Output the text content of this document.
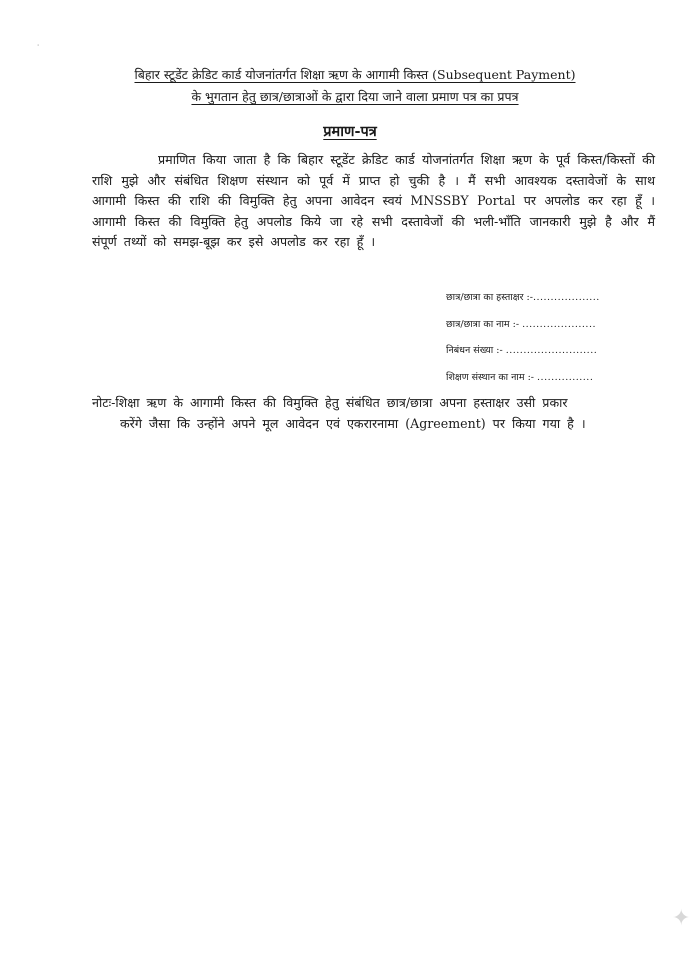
बिहार स्टूडेंट क्रेडिट कार्ड योजनांतर्गत शिक्षा ऋण के आगामी किस्त (Subsequent Payment)
के भुगतान हेतु छात्र/छात्राओं के द्वारा दिया जाने वाला प्रमाण पत्र का प्रपत्र
प्रमाण-पत्र
प्रमाणित किया जाता है कि बिहार स्टूडेंट क्रेडिट कार्ड योजनांतर्गत शिक्षा ऋण के पूर्व किस्त/किस्तों की राशि मुझे और संबंधित शिक्षण संस्थान को पूर्व में प्राप्त हो चुकी है । मैं सभी आवश्यक दस्तावेजों के साथ आगामी किस्त की राशि की विमुक्ति हेतु अपना आवेदन स्वयं MNSSBY Portal पर अपलोड कर रहा हूँ । आगामी किस्त की विमुक्ति हेतु अपलोड किये जा रहे सभी दस्तावेजों की भली-भाँति जानकारी मुझे है और मैं संपूर्ण तथ्यों को समझ-बूझ कर इसे अपलोड कर रहा हूँ ।
छात्र/छात्रा का हस्ताक्षर :-...................
छात्र/छात्रा का नाम :- .....................
निबंधन संख्या :- ..........................
शिक्षण संस्थान का नाम :- ................
नोटः-शिक्षा ऋण के आगामी किस्त की विमुक्ति हेतु संबंधित छात्र/छात्रा अपना हस्ताक्षर उसी प्रकार
करेंगे जैसा कि उन्होंने अपने मूल आवेदन एवं एकरारनामा (Agreement) पर किया गया है ।
·
✦
